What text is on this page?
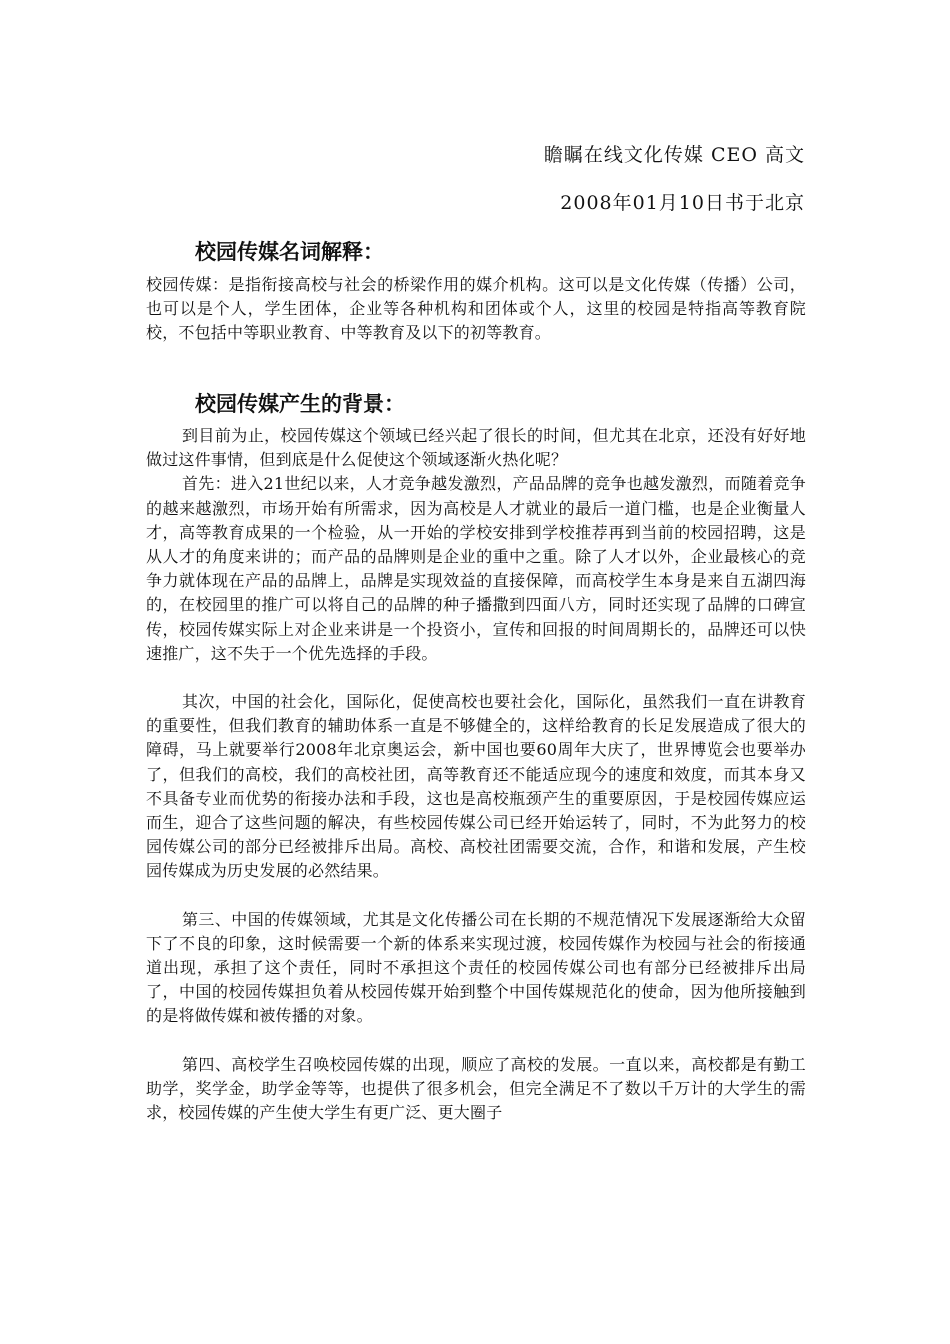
瞻瞩在线文化传媒 CEO 高文
2008年01月10日书于北京
校园传媒名词解释：

校园传媒：是指衔接高校与社会的桥梁作用的媒介机构。这可以是文化传媒（传播）公司，也可以是个人，学生团体，企业等各种机构和团体或个人，这里的校园是特指高等教育院校，不包括中等职业教育、中等教育及以下的初等教育。

校园传媒产生的背景：

到目前为止，校园传媒这个领域已经兴起了很长的时间，但尤其在北京，还没有好好地做过这件事情，但到底是什么促使这个领域逐渐火热化呢？

首先：进入21世纪以来，人才竞争越发激烈，产品品牌的竞争也越发激烈，而随着竞争的越来越激烈，市场开始有所需求，因为高校是人才就业的最后一道门槛，也是企业衡量人才，高等教育成果的一个检验，从一开始的学校安排到学校推荐再到当前的校园招聘，这是从人才的角度来讲的；而产品的品牌则是企业的重中之重。除了人才以外，企业最核心的竞争力就体现在产品的品牌上，品牌是实现效益的直接保障，而高校学生本身是来自五湖四海的，在校园里的推广可以将自己的品牌的种子播撒到四面八方，同时还实现了品牌的口碑宣传，校园传媒实际上对企业来讲是一个投资小，宣传和回报的时间周期长的，品牌还可以快速推广，这不失于一个优先选择的手段。

其次，中国的社会化，国际化，促使高校也要社会化，国际化，虽然我们一直在讲教育的重要性，但我们教育的辅助体系一直是不够健全的，这样给教育的长足发展造成了很大的障碍，马上就要举行2008年北京奥运会，新中国也要60周年大庆了，世界博览会也要举办了，但我们的高校，我们的高校社团，高等教育还不能适应现今的速度和效度，而其本身又不具备专业而优势的衔接办法和手段，这也是高校瓶颈产生的重要原因，于是校园传媒应运而生，迎合了这些问题的解决，有些校园传媒公司已经开始运转了，同时，不为此努力的校园传媒公司的部分已经被排斥出局。高校、高校社团需要交流，合作，和谐和发展，产生校园传媒成为历史发展的必然结果。

第三、中国的传媒领域，尤其是文化传播公司在长期的不规范情况下发展逐渐给大众留下了不良的印象，这时候需要一个新的体系来实现过渡，校园传媒作为校园与社会的衔接通道出现，承担了这个责任，同时不承担这个责任的校园传媒公司也有部分已经被排斥出局了，中国的校园传媒担负着从校园传媒开始到整个中国传媒规范化的使命，因为他所接触到的是将做传媒和被传播的对象。

第四、高校学生召唤校园传媒的出现，顺应了高校的发展。一直以来，高校都是有勤工助学，奖学金，助学金等等，也提供了很多机会，但完全满足不了数以千万计的大学生的需求，校园传媒的产生使大学生有更广泛、更大圈子
